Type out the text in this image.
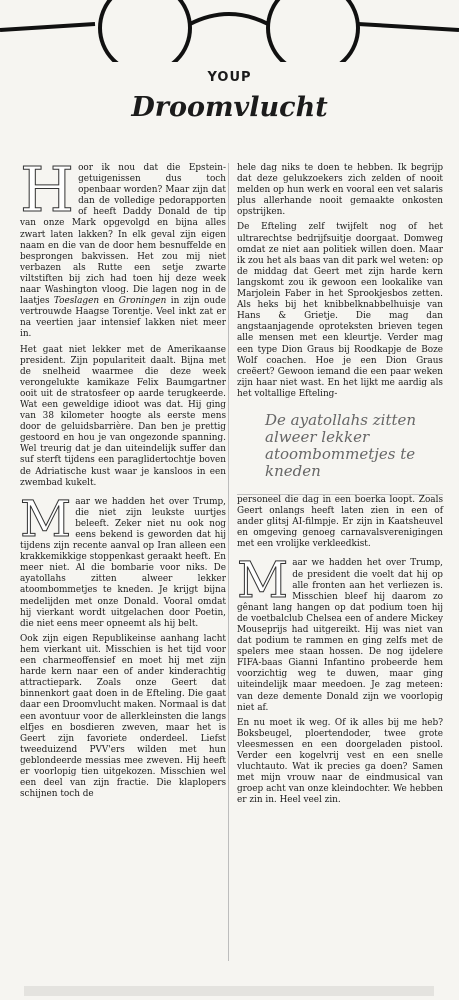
YOUP
Droomvlucht

Hoor ik nou dat die Epstein-getuigenissen dus toch openbaar worden? Maar zijn dat dan de volledige pedorapporten of heeft Daddy Donald de tip van onze Mark opgevolgd en bijna alles zwart laten lakken? In elk geval zijn eigen naam en die van de door hem besnuffelde en besprongen bakvissen. Het zou mij niet verbazen als Rutte een setje zwarte viltstiften bij zich had toen hij deze week naar Washington vloog. Die lagen nog in de laatjes Toeslagen en Groningen in zijn oude vertrouwde Haagse Torentje. Veel inkt zat er na veertien jaar intensief lakken niet meer in.

Het gaat niet lekker met de Amerikaanse president. Zijn populariteit daalt. Bijna met de snelheid waarmee die deze week verongelukte kamikaze Felix Baumgartner ooit uit de stratosfeer op aarde terugkeerde. Wat een geweldige idioot was dat. Hij ging van 38 kilometer hoogte als eerste mens door de geluidsbarrière. Dan ben je prettig gestoord en hou je van ongezonde spanning. Wel treurig dat je dan uiteindelijk suffer dan suf sterft tijdens een paraglidertochtje boven de Adriatische kust waar je kansloos in een zwembad kukelt.

Maar we hadden het over Trump, die niet zijn leukste uurtjes beleeft. Zeker niet nu ook nog eens bekend is geworden dat hij tijdens zijn recente aanval op Iran alleen een krakkemikkige stoppenkast geraakt heeft. En meer niet. Al die bombarie voor niks. De ayatollahs zitten alweer lekker atoombommetjes te kneden. Je krijgt bijna medelijden met onze Donald. Vooral omdat hij vierkant wordt uitgelachen door Poetin, die niet eens meer opneemt als hij belt.

Ook zijn eigen Republikeinse aanhang lacht hem vierkant uit. Misschien is het tijd voor een charmeoffensief en moet hij met zijn harde kern naar een of ander kinderachtig attractiepark. Zoals onze Geert dat binnenkort gaat doen in de Efteling. Die gaat daar een Droomvlucht maken. Normaal is dat een avontuur voor de allerkleinsten die langs elfjes en bosdieren zweven, maar het is Geert zijn favoriete onderdeel. Liefst tweeduizend PVV'ers wilden met hun geblondeerde messias mee zweven. Hij heeft er voorlopig tien uitgekozen. Misschien wel een deel van zijn fractie. Die klaplopers schijnen toch de

hele dag niks te doen te hebben. Ik begrijp dat deze gelukzoekers zich zelden of nooit melden op hun werk en vooral een vet salaris plus allerhande nooit gemaakte onkosten opstrijken.

De Efteling zelf twijfelt nog of het ultrarechtse bedrijfsuitje doorgaat. Domweg omdat ze niet aan politiek willen doen. Maar ik zou het als baas van dit park wel weten: op de middag dat Geert met zijn harde kern langskomt zou ik gewoon een lookalike van Marjolein Faber in het Sprookjesbos zetten. Als heks bij het knibbelknabbelhuisje van Hans & Grietje. Die mag dan angstaanjagende oproteksten brieven tegen alle mensen met een kleurtje. Verder mag een type Dion Graus bij Roodkapje de Boze Wolf coachen. Hoe je een Dion Graus creëert? Gewoon iemand die een paar weken zijn haar niet wast. En het lijkt me aardig als het voltallige Efteling-

De ayatollahs zitten alweer lekker atoombommetjes te kneden

personeel die dag in een boerka loopt. Zoals Geert onlangs heeft laten zien in een of ander glitsj AI-filmpje. Er zijn in Kaatsheuvel en omgeving genoeg carnavalsverenigingen met een vrolijke verkleedkist.

Maar we hadden het over Trump, de president die voelt dat hij op alle fronten aan het verliezen is. Misschien bleef hij daarom zo gênant lang hangen op dat podium toen hij de voetbalclub Chelsea een of andere Mickey Mouseprijs had uitgereikt. Hij was niet van dat podium te rammen en ging zelfs met de spelers mee staan hossen. De nog ijdelere FIFA-baas Gianni Infantino probeerde hem voorzichtig weg te duwen, maar ging uiteindelijk maar meedoen. Je zag meteen: van deze demente Donald zijn we voorlopig niet af.

En nu moet ik weg. Of ik alles bij me heb? Boksbeugel, ploertendoder, twee grote vleesmessen en een doorgeladen pistool. Verder een kogelvrij vest en een snelle vluchtauto. Wat ik precies ga doen? Samen met mijn vrouw naar de eindmusical van groep acht van onze kleindochter. We hebben er zin in. Heel veel zin.
